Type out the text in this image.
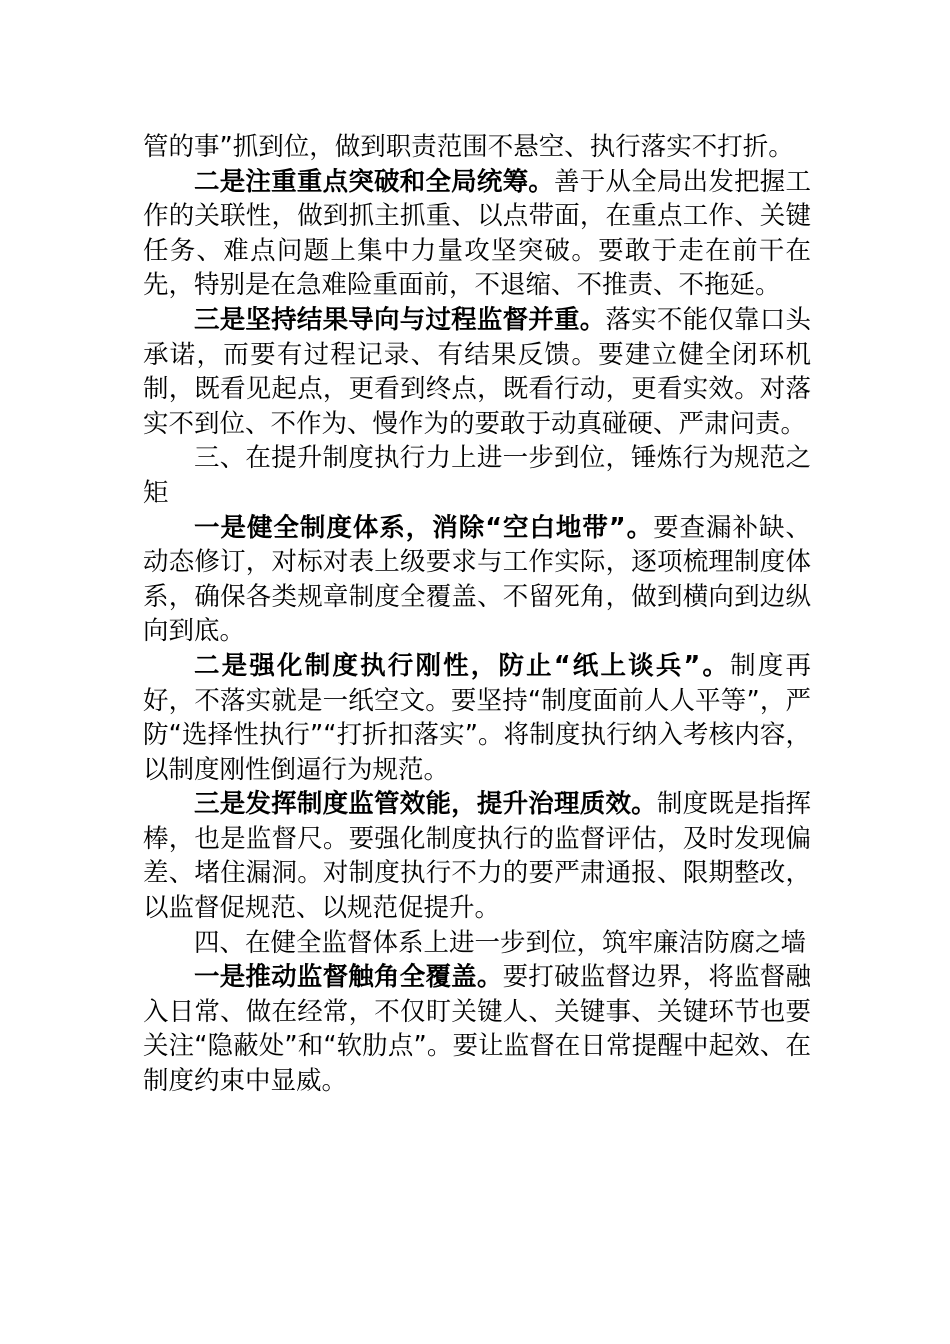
管的事”抓到位，做到职责范围不悬空、执行落实不打折。

二是注重重点突破和全局统筹。善于从全局出发把握工作的关联性，做到抓主抓重、以点带面，在重点工作、关键任务、难点问题上集中力量攻坚突破。要敢于走在前干在先，特别是在急难险重面前，不退缩、不推责、不拖延。

三是坚持结果导向与过程监督并重。落实不能仅靠口头承诺，而要有过程记录、有结果反馈。要建立健全闭环机制，既看见起点，更看到终点，既看行动，更看实效。对落实不到位、不作为、慢作为的要敢于动真碰硬、严肃问责。

三、在提升制度执行力上进一步到位，锤炼行为规范之矩

一是健全制度体系，消除“空白地带”。要查漏补缺、动态修订，对标对表上级要求与工作实际，逐项梳理制度体系，确保各类规章制度全覆盖、不留死角，做到横向到边纵向到底。

二是强化制度执行刚性，防止“纸上谈兵”。制度再好，不落实就是一纸空文。要坚持“制度面前人人平等”，严防“选择性执行”“打折扣落实”。将制度执行纳入考核内容，以制度刚性倒逼行为规范。

三是发挥制度监管效能，提升治理质效。制度既是指挥棒，也是监督尺。要强化制度执行的监督评估，及时发现偏差、堵住漏洞。对制度执行不力的要严肃通报、限期整改，以监督促规范、以规范促提升。

四、在健全监督体系上进一步到位，筑牢廉洁防腐之墙

一是推动监督触角全覆盖。要打破监督边界，将监督融入日常、做在经常，不仅盯关键人、关键事、关键环节也要关注“隐蔽处”和“软肋点”。要让监督在日常提醒中起效、在制度约束中显威。
